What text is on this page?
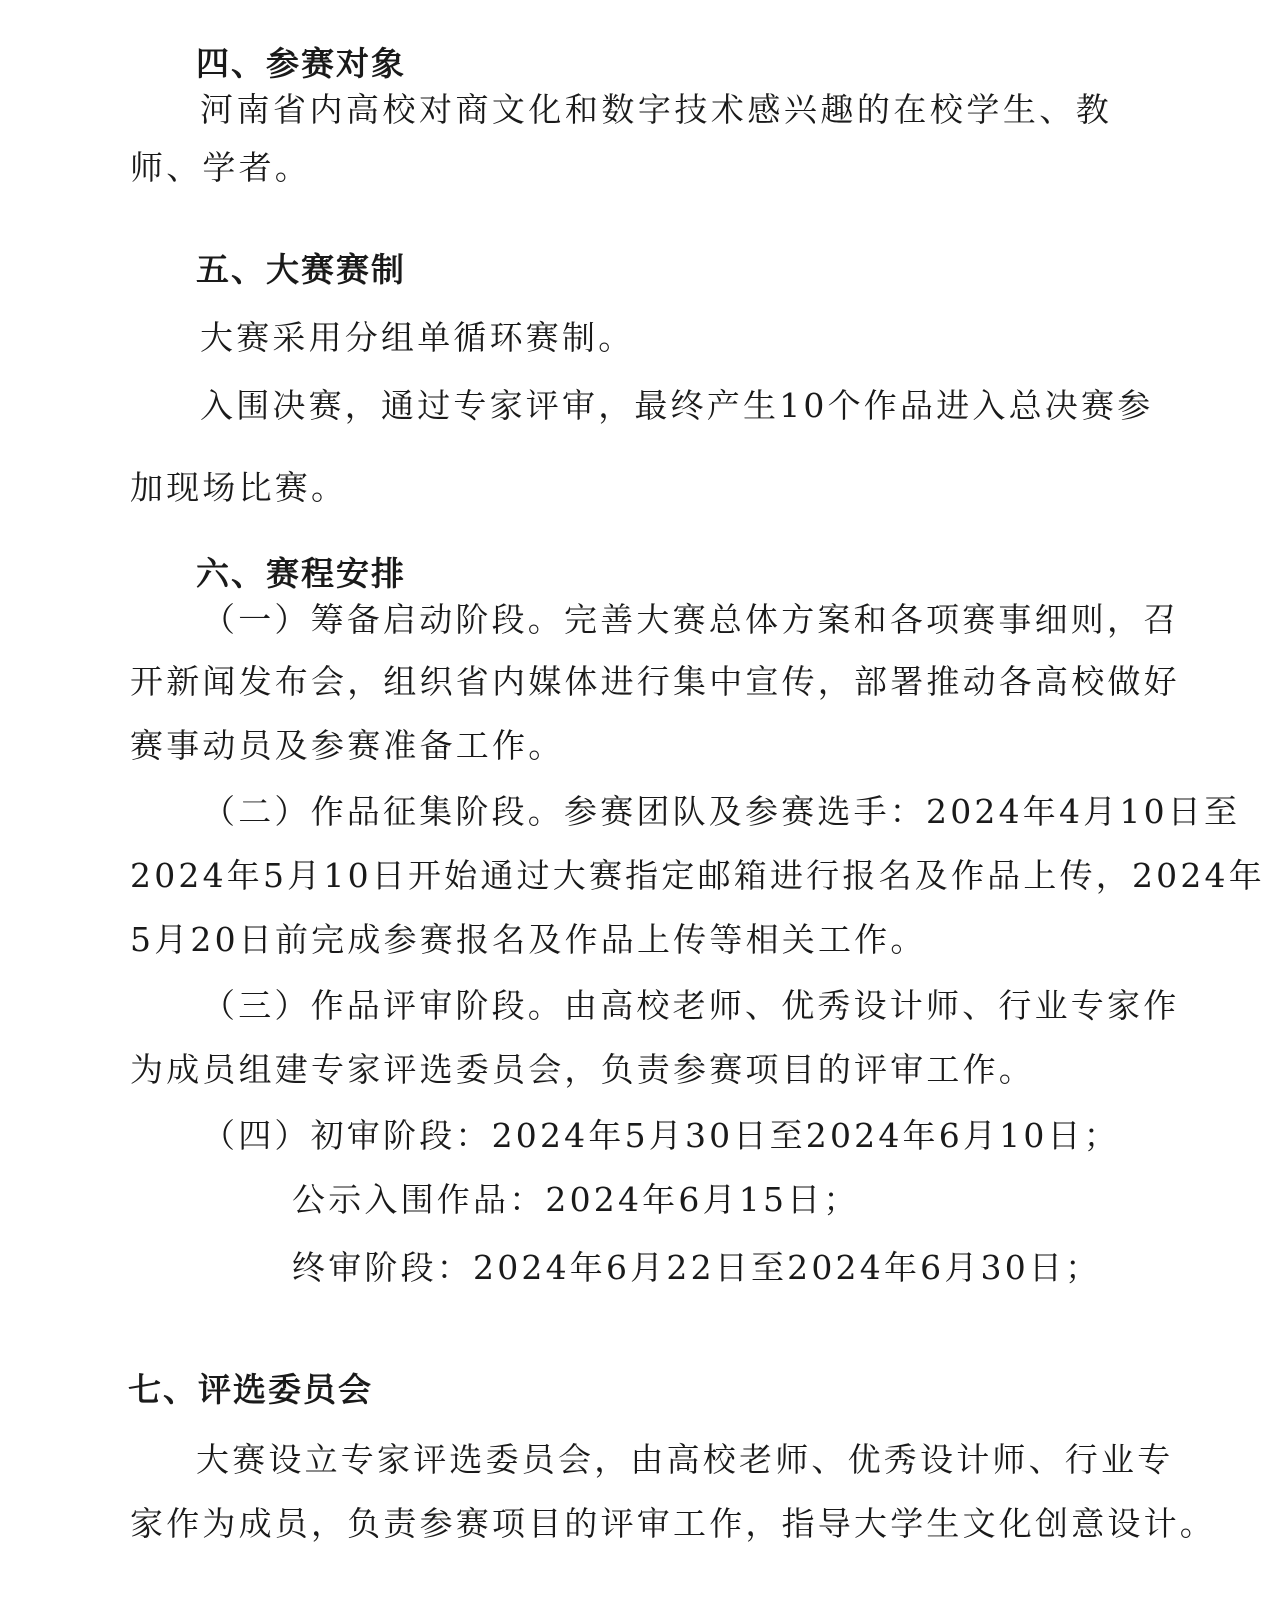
四、参赛对象
河南省内高校对商文化和数字技术感兴趣的在校学生、教
师、学者。
五、大赛赛制
大赛采用分组单循环赛制。
入围决赛，通过专家评审，最终产生10个作品进入总决赛参
加现场比赛。
六、赛程安排
（一）筹备启动阶段。完善大赛总体方案和各项赛事细则，召
开新闻发布会，组织省内媒体进行集中宣传，部署推动各高校做好
赛事动员及参赛准备工作。
（二）作品征集阶段。参赛团队及参赛选手：2024年4月10日至
2024年5月10日开始通过大赛指定邮箱进行报名及作品上传，2024年
5月20日前完成参赛报名及作品上传等相关工作。
（三）作品评审阶段。由高校老师、优秀设计师、行业专家作
为成员组建专家评选委员会，负责参赛项目的评审工作。
（四）初审阶段：2024年5月30日至2024年6月10日；
公示入围作品：2024年6月15日；
终审阶段：2024年6月22日至2024年6月30日；
七、评选委员会
大赛设立专家评选委员会，由高校老师、优秀设计师、行业专
家作为成员，负责参赛项目的评审工作，指导大学生文化创意设计。
